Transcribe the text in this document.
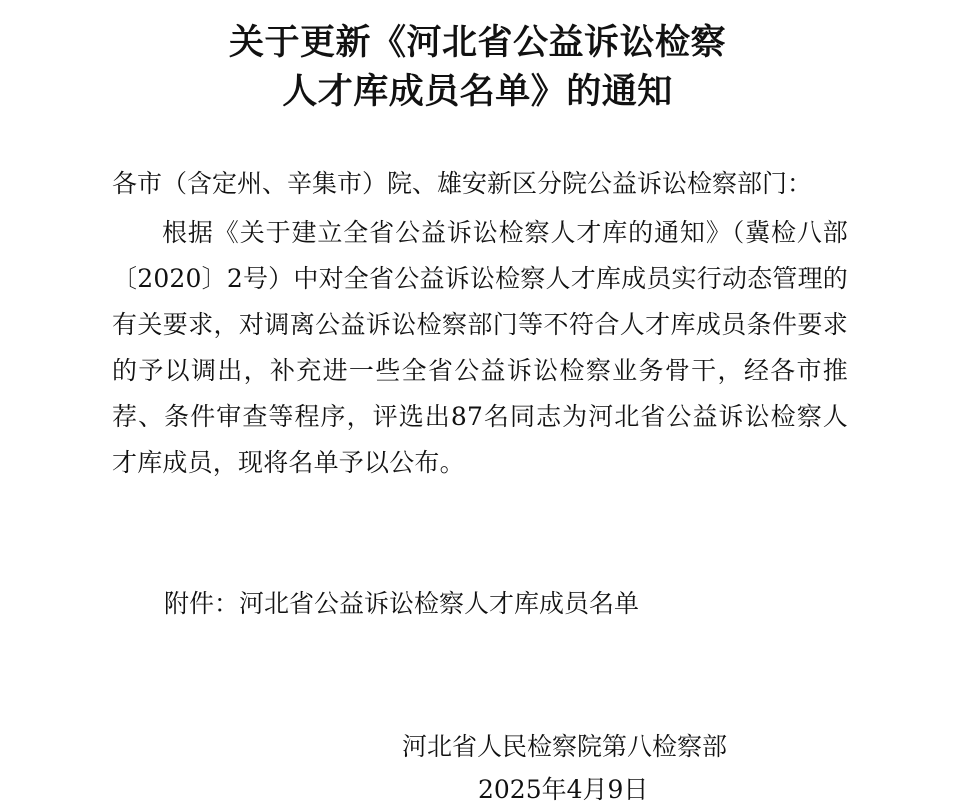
关于更新《河北省公益诉讼检察
人才库成员名单》的通知
各市（含定州、辛集市）院、雄安新区分院公益诉讼检察部门：
根据《关于建立全省公益诉讼检察人才库的通知》（冀检八部〔2020〕2号）中对全省公益诉讼检察人才库成员实行动态管理的有关要求，对调离公益诉讼检察部门等不符合人才库成员条件要求的予以调出，补充进一些全省公益诉讼检察业务骨干，经各市推荐、条件审查等程序，评选出87名同志为河北省公益诉讼检察人才库成员，现将名单予以公布。
附件：河北省公益诉讼检察人才库成员名单
河北省人民检察院第八检察部
2025年4月9日
